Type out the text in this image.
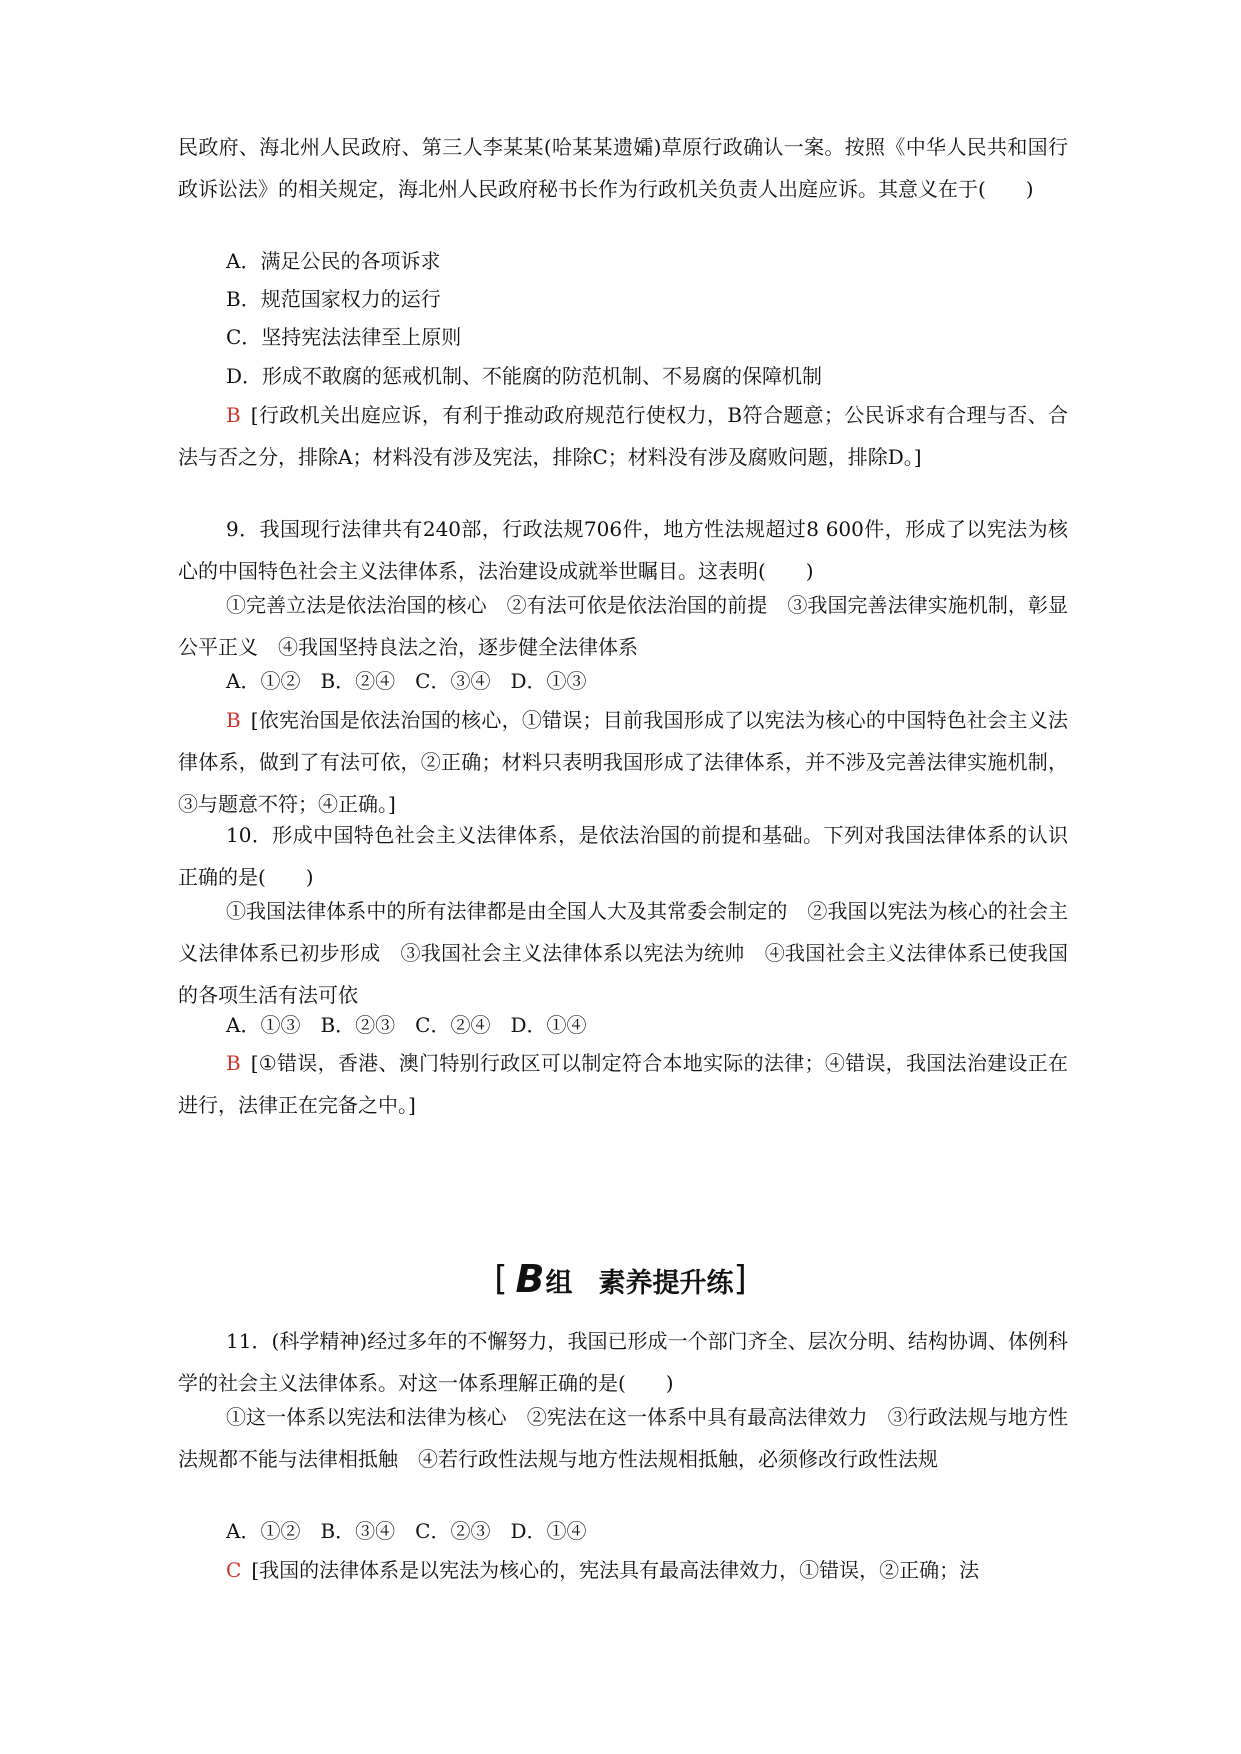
民政府、海北州人民政府、第三人李某某(哈某某遗孀)草原行政确认一案。按照《中华人民共和国行政诉讼法》的相关规定，海北州人民政府秘书长作为行政机关负责人出庭应诉。其意义在于(　　)

A．满足公民的各项诉求

B．规范国家权力的运行

C．坚持宪法法律至上原则

D．形成不敢腐的惩戒机制、不能腐的防范机制、不易腐的保障机制

B [行政机关出庭应诉，有利于推动政府规范行使权力，B符合题意；公民诉求有合理与否、合法与否之分，排除A；材料没有涉及宪法，排除C；材料没有涉及腐败问题，排除D。]

9．我国现行法律共有240部，行政法规706件，地方性法规超过8 600件，形成了以宪法为核心的中国特色社会主义法律体系，法治建设成就举世瞩目。这表明(　　)

①完善立法是依法治国的核心　②有法可依是依法治国的前提　③我国完善法律实施机制，彰显公平正义　④我国坚持良法之治，逐步健全法律体系

A．①②　B．②④　C．③④　D．①③

B [依宪治国是依法治国的核心，①错误；目前我国形成了以宪法为核心的中国特色社会主义法律体系，做到了有法可依，②正确；材料只表明我国形成了法律体系，并不涉及完善法律实施机制，③与题意不符；④正确。]

10．形成中国特色社会主义法律体系，是依法治国的前提和基础。下列对我国法律体系的认识正确的是(　　)

①我国法律体系中的所有法律都是由全国人大及其常委会制定的　②我国以宪法为核心的社会主义法律体系已初步形成　③我国社会主义法律体系以宪法为统帅　④我国社会主义法律体系已使我国的各项生活有法可依

A．①③　B．②③　C．②④　D．①④

B [①错误，香港、澳门特别行政区可以制定符合本地实际的法律；④错误，我国法治建设正在进行，法律正在完备之中。]

[ B组 素养提升练]

11．(科学精神)经过多年的不懈努力，我国已形成一个部门齐全、层次分明、结构协调、体例科学的社会主义法律体系。对这一体系理解正确的是(　　)

①这一体系以宪法和法律为核心　②宪法在这一体系中具有最高法律效力　③行政法规与地方性法规都不能与法律相抵触　④若行政性法规与地方性法规相抵触，必须修改行政性法规

A．①②　B．③④　C．②③　D．①④

C [我国的法律体系是以宪法为核心的，宪法具有最高法律效力，①错误，②正确；法
